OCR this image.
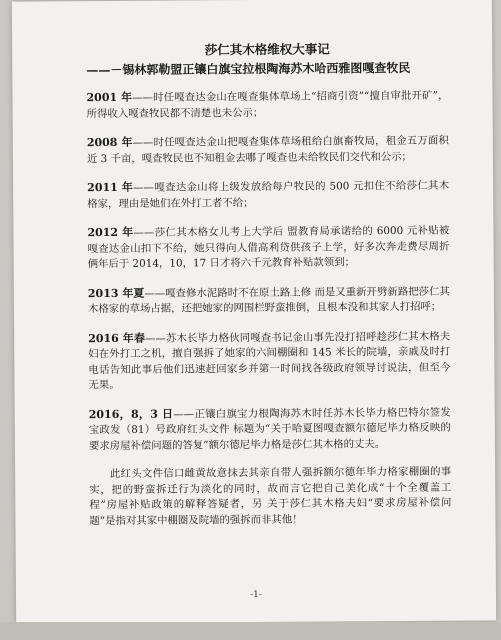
莎仁其木格维权大事记
——－锡林郭勒盟正镶白旗宝拉根陶海苏木哈西雅图嘎查牧民

2001 年——时任嘎查达金山在嘎查集体草场上“招商引资”“擅自审批开矿”，所得收入嘎查牧民都不清楚也未公示；

2008 年——时任嘎查达金山把嘎查集体草场租给白旗畜牧局，租金五万面积近 3 千亩，嘎查牧民也不知租金去哪了嘎查也未给牧民们交代和公示；

2011 年——嘎查达金山将上级发放给每户牧民的 500 元扣住不给莎仁其木格家，理由是她们在外打工者不给；

2012 年——莎仁其木格女儿考上大学后 盟教育局承诺给的 6000 元补贴被嘎查达金山扣下不给，她只得向人借高利贷供孩子上学，好多次奔走费尽周折俩年后于 2014，10，17 日才将六千元教育补贴款领到；

2013 年夏——嘎查修水泥路时不在原土路上修 而是又重新开劈新路把莎仁其木格家的草场占据，还把她家的网围栏野蛮推倒，且根本没和其家人打招呼；

2016 年春——苏木长毕力格伙同嘎查书记金山事先没打招呼趁莎仁其木格夫妇在外打工之机，擅自强拆了她家的六间棚圈和 145 米长的院墙，亲戚及时打电话告知此事后他们迅速赶回家乡并第一时间找各级政府领导讨说法，但至今无果。

2016，8，3 日——正镶白旗宝力根陶海苏木时任苏木长毕力格巴特尔签发宝政发（81）号政府红头文件 标题为“关于哈夏图嘎查额尔德尼毕力格反映的要求房屋补偿问题的答复”额尔德尼毕力格是莎仁其木格的丈夫。

此红头文件信口雌黄故意抹去其亲自带人强拆额尔德年毕力格家棚圈的事实，把的野蛮拆迁行为淡化的同时，故而言它把自己美化成“十个全覆盖工程”房屋补贴政策的解释答疑者，另 关于莎仁其木格夫妇“要求房屋补偿问题”是指对其家中棚圈及院墙的强拆而非其他！

-1-
